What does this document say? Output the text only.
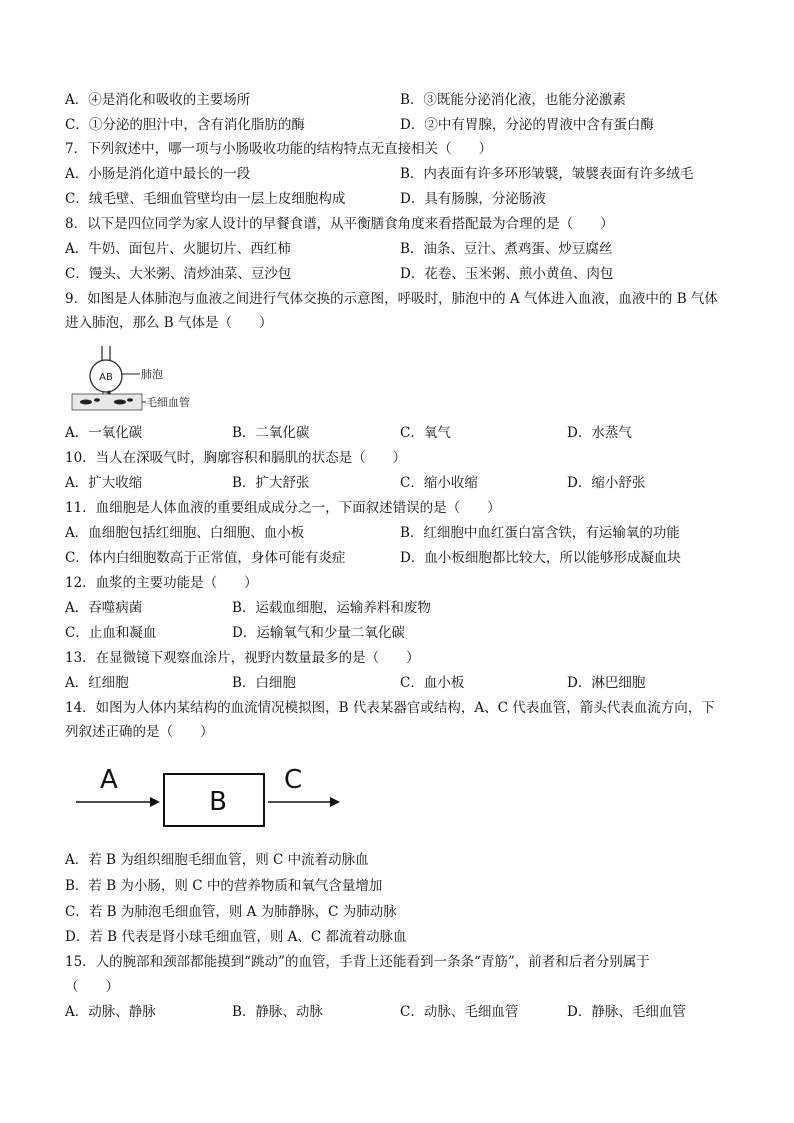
A．④是消化和吸收的主要场所	B．③既能分泌消化液，也能分泌激素
C．①分泌的胆汁中，含有消化脂肪的酶	D．②中有胃腺，分泌的胃液中含有蛋白酶
7．下列叙述中，哪一项与小肠吸收功能的结构特点无直接相关（　　）
A．小肠是消化道中最长的一段	B．内表面有许多环形皱襞，皱襞表面有许多绒毛
C．绒毛壁、毛细血管壁均由一层上皮细胞构成	D．具有肠腺，分泌肠液
8．以下是四位同学为家人设计的早餐食谱，从平衡膳食角度来看搭配最为合理的是（　　）
A．牛奶、面包片、火腿切片、西红柿	B．油条、豆汁、煮鸡蛋、炒豆腐丝
C．馒头、大米粥、清炒油菜、豆沙包	D．花卷、玉米粥、煎小黄鱼、肉包
9．如图是人体肺泡与血液之间进行气体交换的示意图，呼吸时，肺泡中的 A 气体进入血液，血液中的 B 气体
进入肺泡，那么 B 气体是（　　）
AB	肺泡
毛细血管
A．一氧化碳	B．二氧化碳	C．氧气	D．水蒸气
10．当人在深吸气时，胸廓容积和膈肌的状态是（　　）
A．扩大收缩	B．扩大舒张	C．缩小收缩	D．缩小舒张
11．血细胞是人体血液的重要组成成分之一，下面叙述错误的是（　　）
A．血细胞包括红细胞、白细胞、血小板	B．红细胞中血红蛋白富含铁，有运输氧的功能
C．体内白细胞数高于正常值，身体可能有炎症	D．血小板细胞都比较大，所以能够形成凝血块
12．血浆的主要功能是（　　）
A．吞噬病菌	B．运载血细胞，运输养料和废物
C．止血和凝血	D．运输氧气和少量二氧化碳
13．在显微镜下观察血涂片，视野内数量最多的是（　　）
A．红细胞	B．白细胞	C．血小板	D．淋巴细胞
14．如图为人体内某结构的血流情况模拟图，B 代表某器官或结构，A、C 代表血管，箭头代表血流方向，下
列叙述正确的是（　　）
A
B
C
A．若 B 为组织细胞毛细血管，则 C 中流着动脉血
B．若 B 为小肠，则 C 中的营养物质和氧气含量增加
C．若 B 为肺泡毛细血管，则 A 为肺静脉，C 为肺动脉
D．若 B 代表是肾小球毛细血管，则 A、C 都流着动脉血
15．人的腕部和颈部都能摸到“跳动”的血管，手背上还能看到一条条“青筋”，前者和后者分别属于
（　　）
A．动脉、静脉	B．静脉、动脉	C．动脉、毛细血管	D．静脉、毛细血管
